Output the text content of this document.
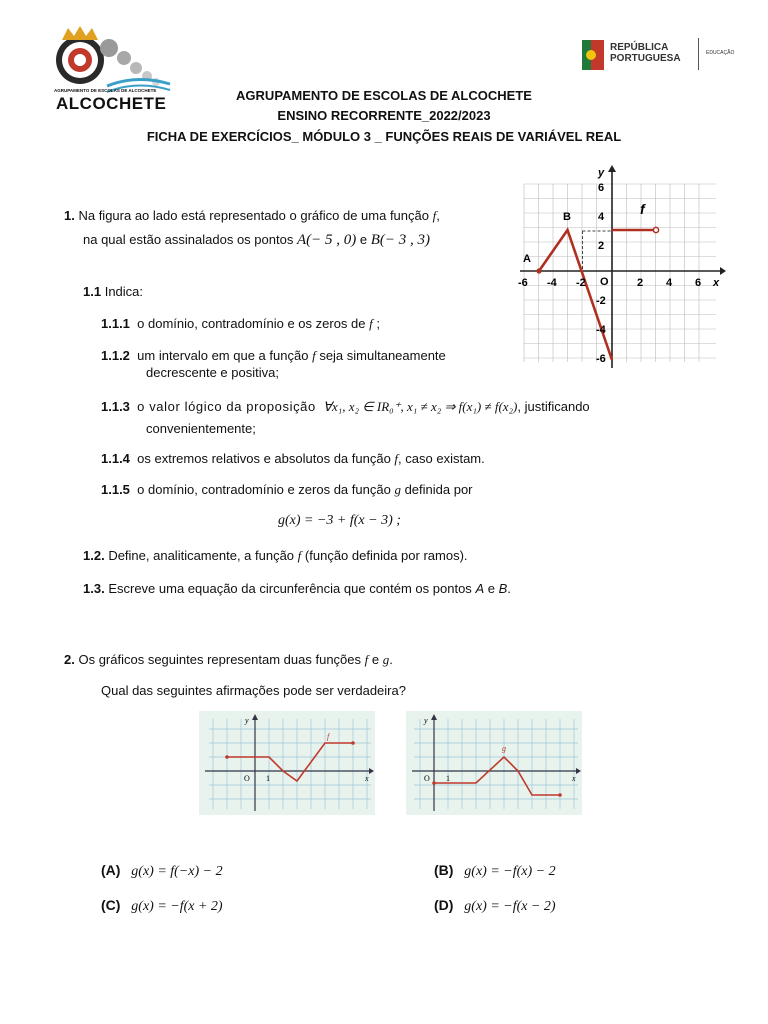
AGRUPAMENTO DE ESCOLAS DE ALCOCHETE
ALCOCHETE
REPÚBLICA
PORTUGUESA	EDUCAÇÃO
AGRUPAMENTO DE ESCOLAS DE ALCOCHETE
ENSINO RECORRENTE_2022/2023
FICHA DE EXERCÍCIOS_ MÓDULO 3 _ FUNÇÕES REAIS DE VARIÁVEL REAL
1. Na figura ao lado está representado o gráfico de uma função f,
na qual estão assinalados os pontos A(− 5 , 0) e B(− 3 , 3)
1.1 Indica:
1.1.1 o domínio, contradomínio e os zeros de f ;
1.1.2 um intervalo em que a função f seja simultaneamente
decrescente e positiva;
1.1.3 o valor lógico da proposição ∀x₁, x₂ ∈ IR₀⁺, x₁ ≠ x₂ ⇒ f(x₁) ≠ f(x₂), justificando
convenientemente;
1.1.4 os extremos relativos e absolutos da função f, caso existam.
1.1.5 o domínio, contradomínio e zeros da função g definida por
g(x) = −3 + f(x − 3) ;
1.2. Define, analiticamente, a função f (função definida por ramos).
1.3. Escreve uma equação da circunferência que contém os pontos A e B.
y
x
O
A
B	f
-6 -4 -2	2 4 6
6
4
2
-2
-4
-6
2. Os gráficos seguintes representam duas funções f e g.
Qual das seguintes afirmações pode ser verdadeira?
y
x
O 1
f
y
x
O 1
g
(A) g(x) = f(−x) − 2	(B) g(x) = −f(x) − 2
(C) g(x) = −f(x + 2)	(D) g(x) = −f(x − 2)
